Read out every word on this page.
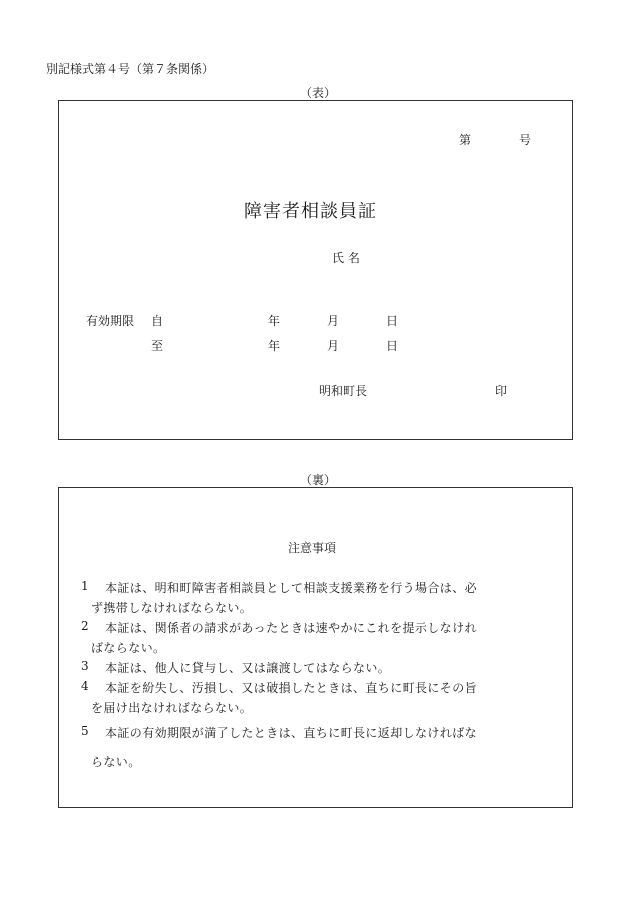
別記様式第４号（第７条関係）
（表）
第	号
障害者相談員証
氏 名
有効期限 自	年	月	日
至	年	月	日
明和町長	印
（裏）
注意事項
1 本証は、明和町障害者相談員として相談支援業務を行う場合は、必
ず携帯しなければならない。
2 本証は、関係者の請求があったときは速やかにこれを提示しなけれ
ばならない。
3 本証は、他人に貸与し、又は譲渡してはならない。
4 本証を紛失し、汚損し、又は破損したときは、直ちに町長にその旨
を届け出なければならない。
5 本証の有効期限が満了したときは、直ちに町長に返却しなければな
らない。
